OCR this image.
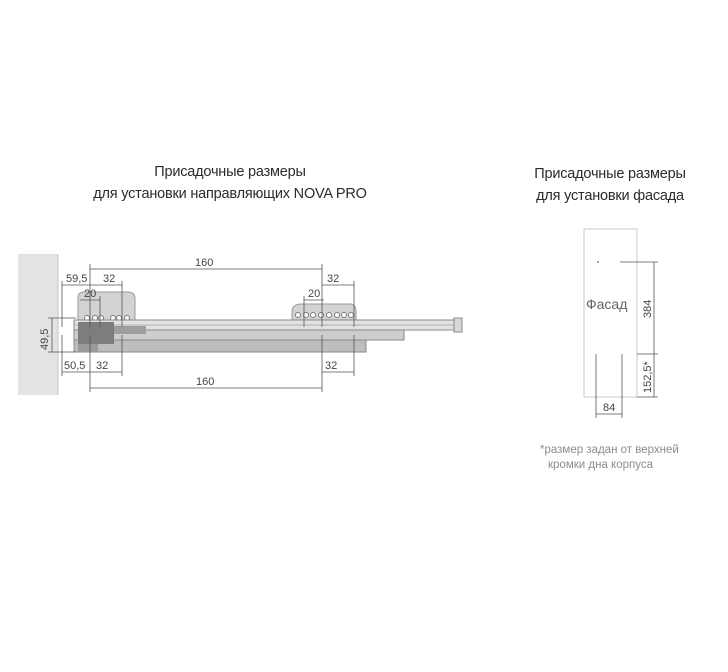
Присадочные размеры
для установки направляющих NOVA PRO
Присадочные размеры
для установки фасада
160
59,5 32
20
32
20
50,5 32
160
32
49,5
Фасад 384
152,5*
84
*размер задан от верхней
кромки дна корпуса
